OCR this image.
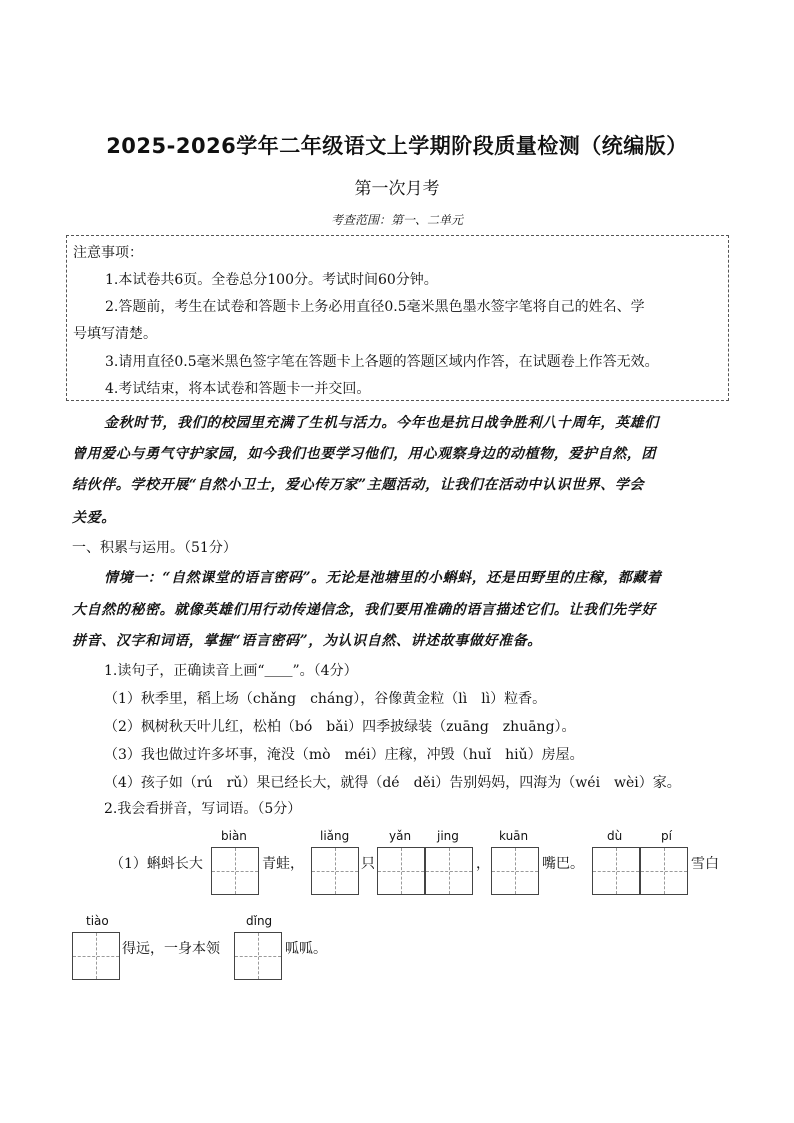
2025-2026学年二年级语文上学期阶段质量检测（统编版）
第一次月考
考查范围：第一、二单元
注意事项：
1.本试卷共6页。全卷总分100分。考试时间60分钟。
2.答题前，考生在试卷和答题卡上务必用直径0.5毫米黑色墨水签字笔将自己的姓名、学
号填写清楚。
3.请用直径0.5毫米黑色签字笔在答题卡上各题的答题区域内作答，在试题卷上作答无效。
4.考试结束，将本试卷和答题卡一并交回。
金秋时节，我们的校园里充满了生机与活力。今年也是抗日战争胜利八十周年，英雄们
曾用爱心与勇气守护家园，如今我们也要学习他们，用心观察身边的动植物，爱护自然，团
结伙伴。学校开展“自然小卫士，爱心传万家”主题活动，让我们在活动中认识世界、学会
关爱。
一、积累与运用。（51分）
情境一：“自然课堂的语言密码”。无论是池塘里的小蝌蚪，还是田野里的庄稼，都藏着
大自然的秘密。就像英雄们用行动传递信念，我们要用准确的语言描述它们。让我们先学好
拼音、汉字和词语，掌握“语言密码”，为认识自然、讲述故事做好准备。
1.读句子，正确读音上画“＿＿”。（4分）
（1）秋季里，稻上场（chǎng　cháng），谷像黄金粒（lì　lì）粒香。
（2）枫树秋天叶儿红，松柏（bó　bǎi）四季披绿装（zuāng　zhuāng）。
（3）我也做过许多坏事，淹没（mò　méi）庄稼，冲毁（huǐ　hiǔ）房屋。
（4）孩子如（rú　rǔ）果已经长大，就得（dé　děi）告别妈妈，四海为（wéi　wèi）家。
2.我会看拼音，写词语。（5分）
biàn	liǎng	yǎn jing	kuān	dù	pí
（1）蝌蚪长大	青蛙，	只	，	嘴巴。	雪白
tiào	dǐng
得远，一身本领	呱呱。
